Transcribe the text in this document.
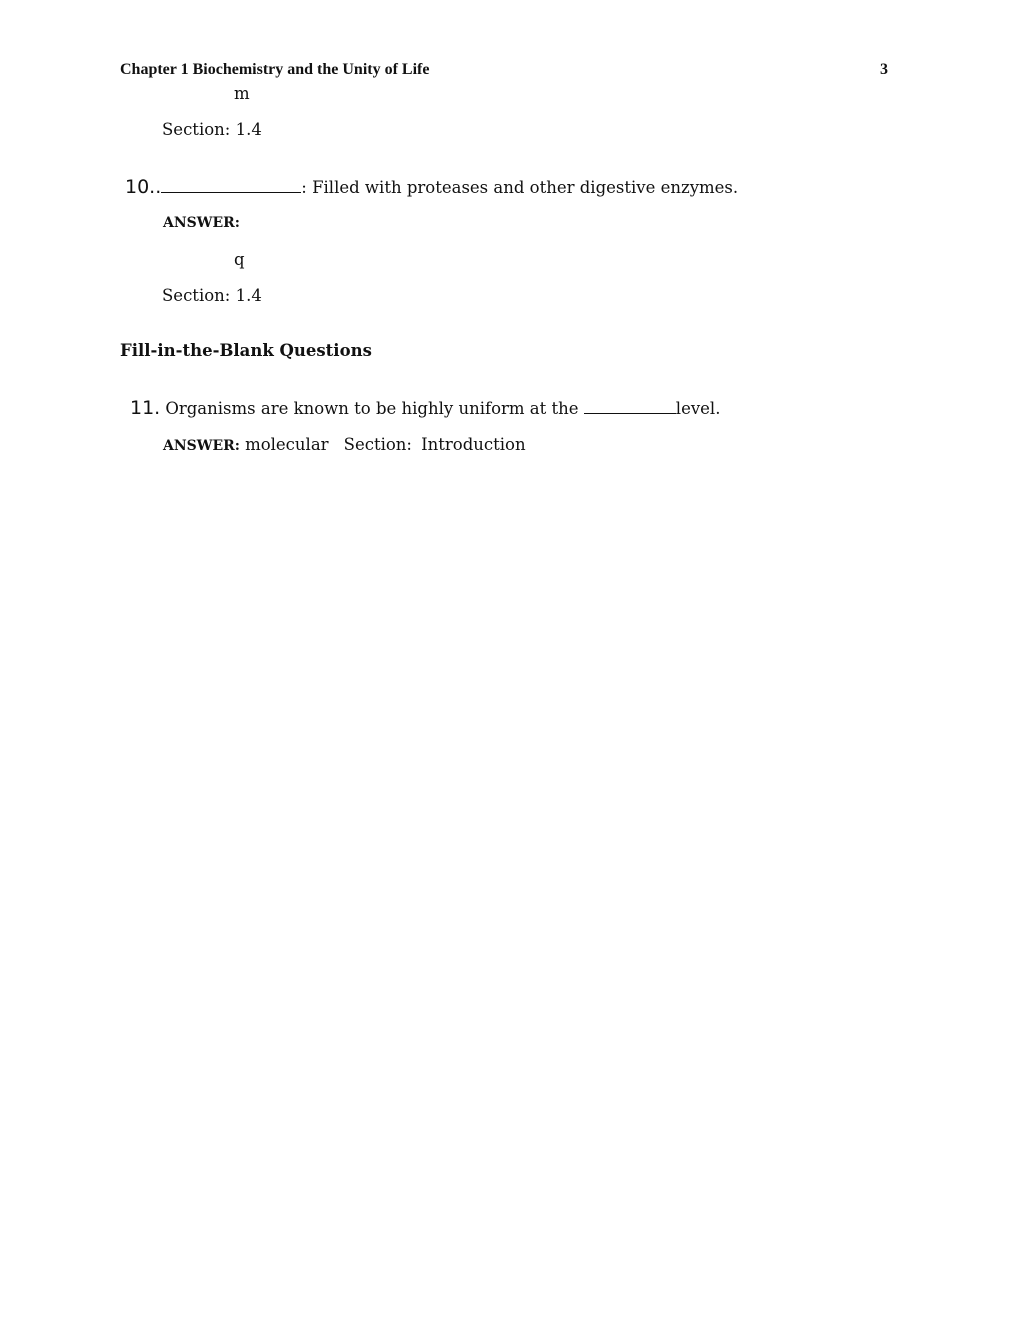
Chapter 1 Biochemistry and the Unity of Life	3
m
Section: 1.4
10..	: Filled with proteases and other digestive enzymes.
ANSWER:
q
Section: 1.4
Fill-in-the-Blank Questions
11. Organisms are known to be highly uniform at the	level.
ANSWER: molecular Section: Introduction
